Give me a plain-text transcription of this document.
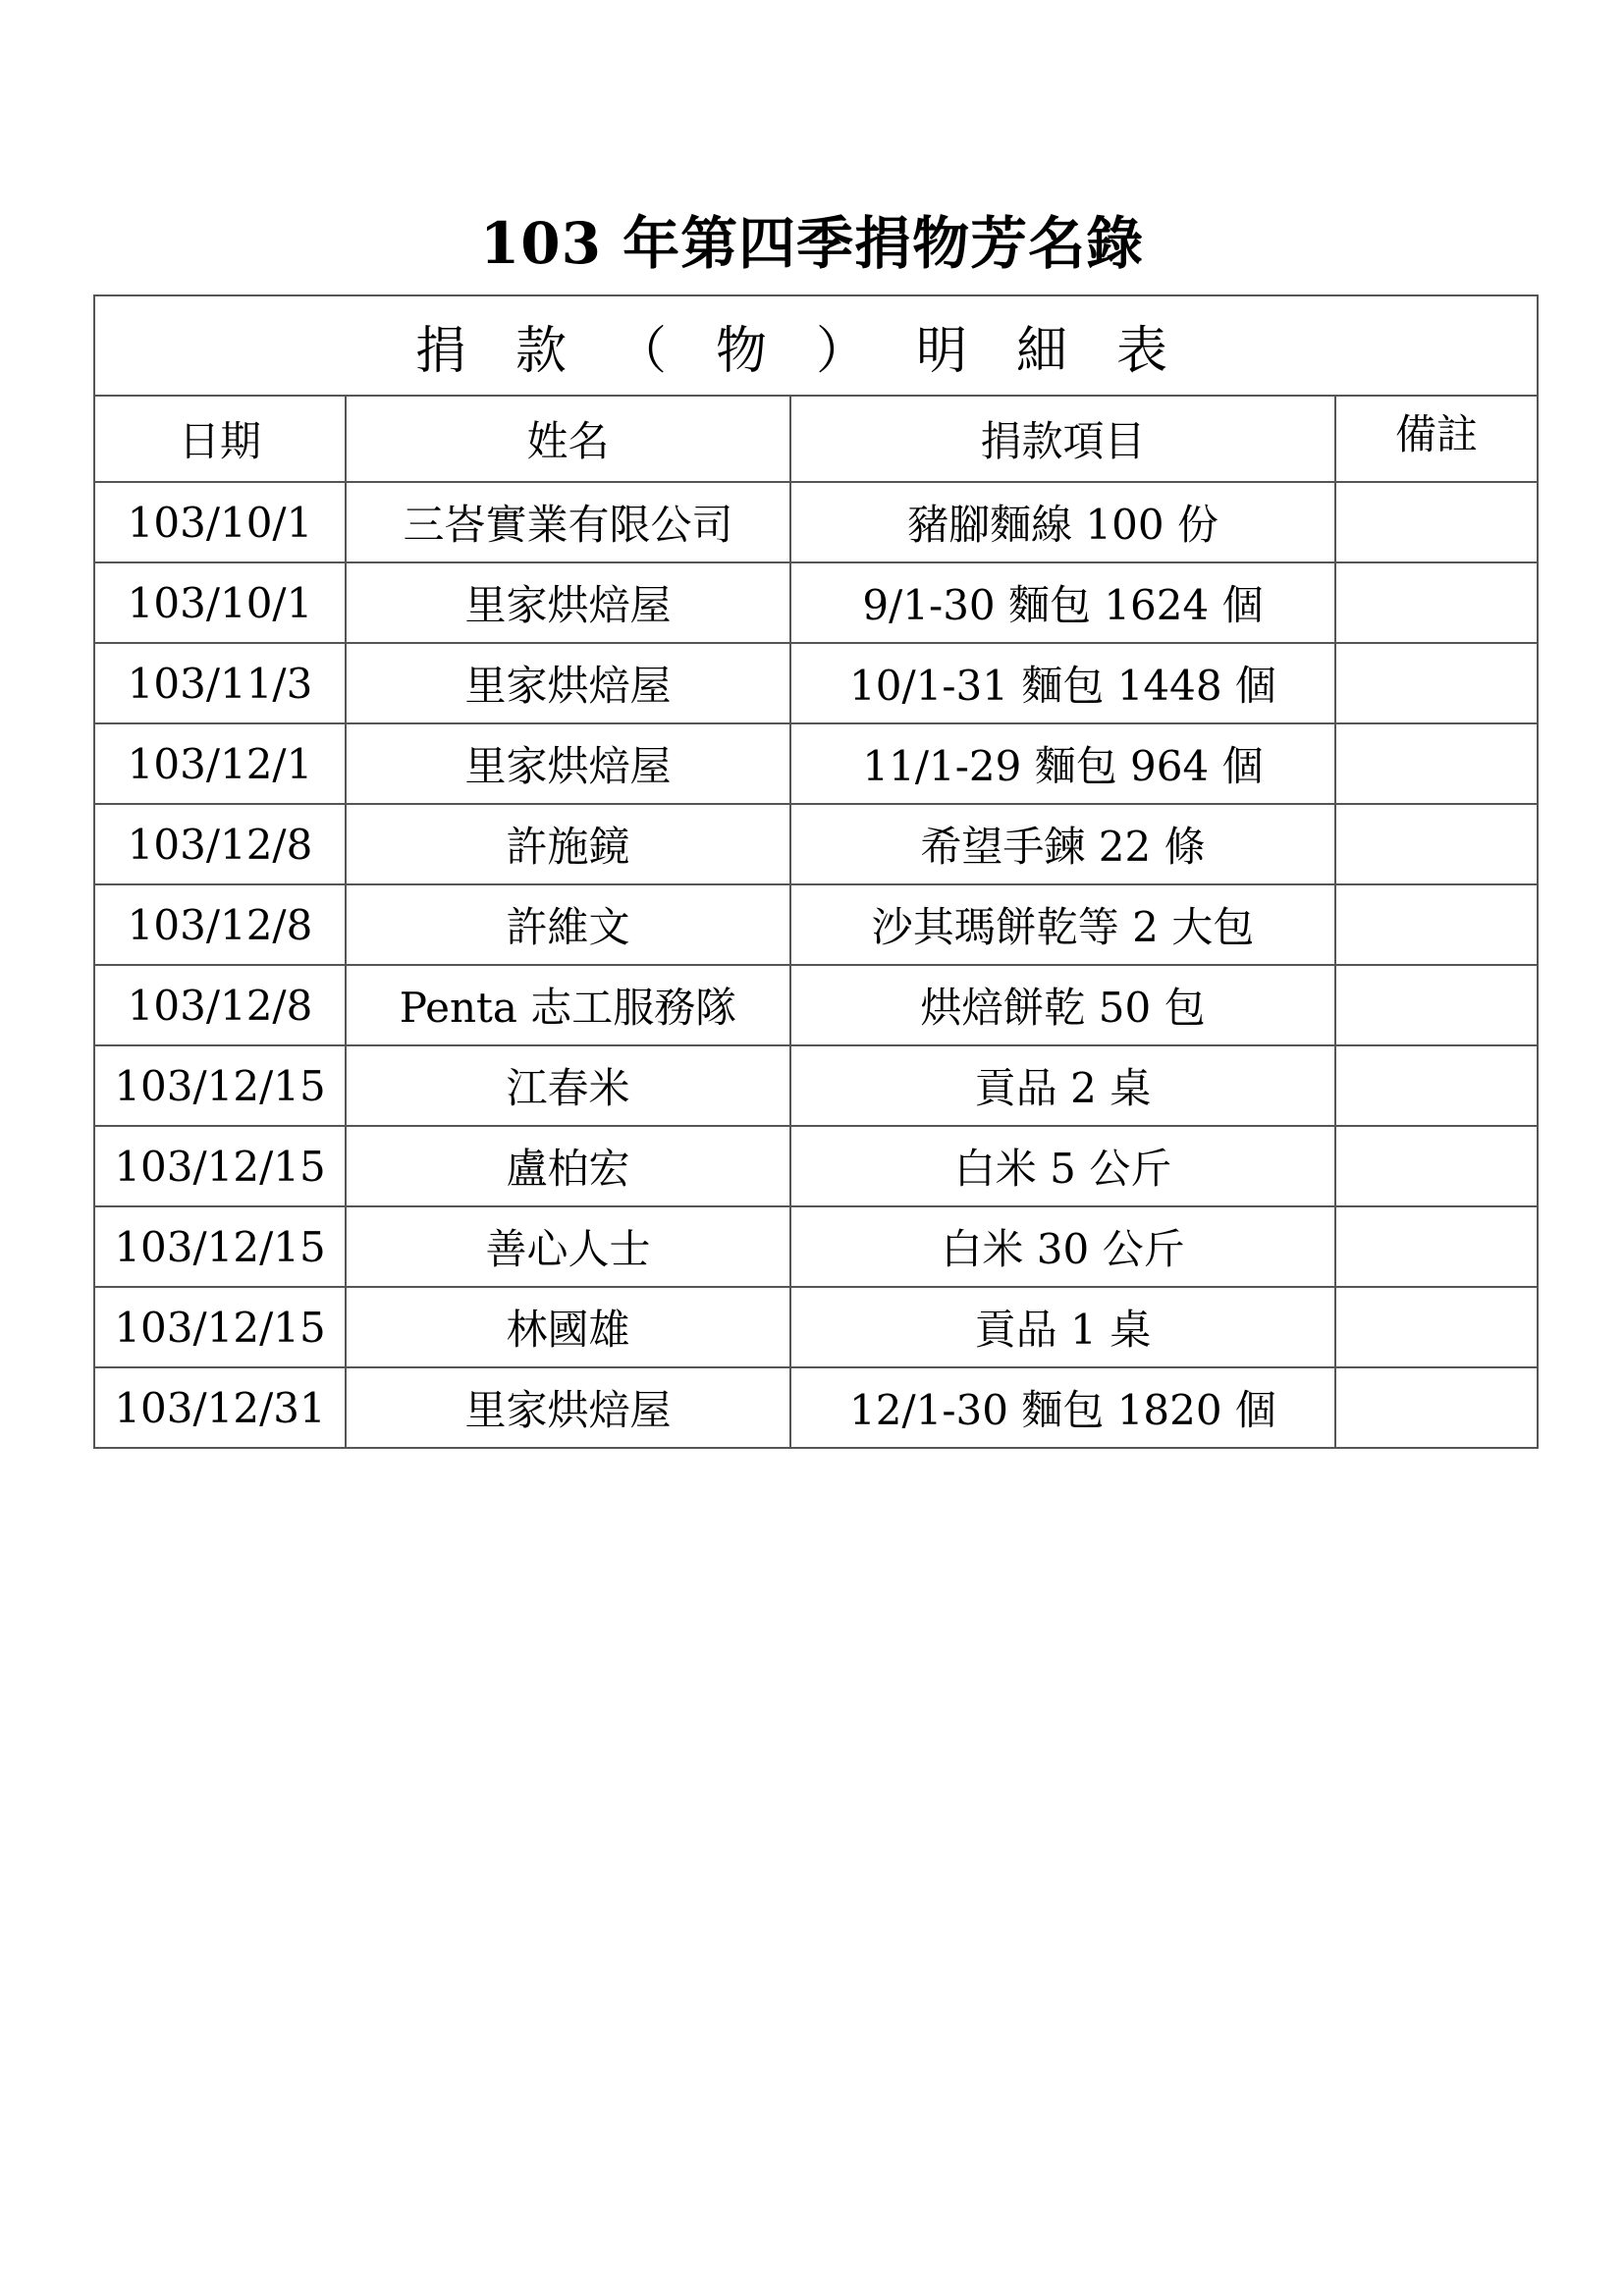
103 年第四季捐物芳名錄
捐款（物）明細表			
日期	姓名	捐款項目	備註
103/10/1	三峇實業有限公司	豬腳麵線 100 份	
103/10/1	里家烘焙屋	9/1-30 麵包 1624 個	
103/11/3	里家烘焙屋	10/1-31 麵包 1448 個	
103/12/1	里家烘焙屋	11/1-29 麵包 964 個	
103/12/8	許施鏡	希望手鍊 22 條	
103/12/8	許維文	沙其瑪餅乾等 2 大包	
103/12/8	Penta 志工服務隊	烘焙餅乾 50 包	
103/12/15	江春米	貢品 2 桌	
103/12/15	盧柏宏	白米 5 公斤	
103/12/15	善心人士	白米 30 公斤	
103/12/15	林國雄	貢品 1 桌	
103/12/31	里家烘焙屋	12/1-30 麵包 1820 個	
